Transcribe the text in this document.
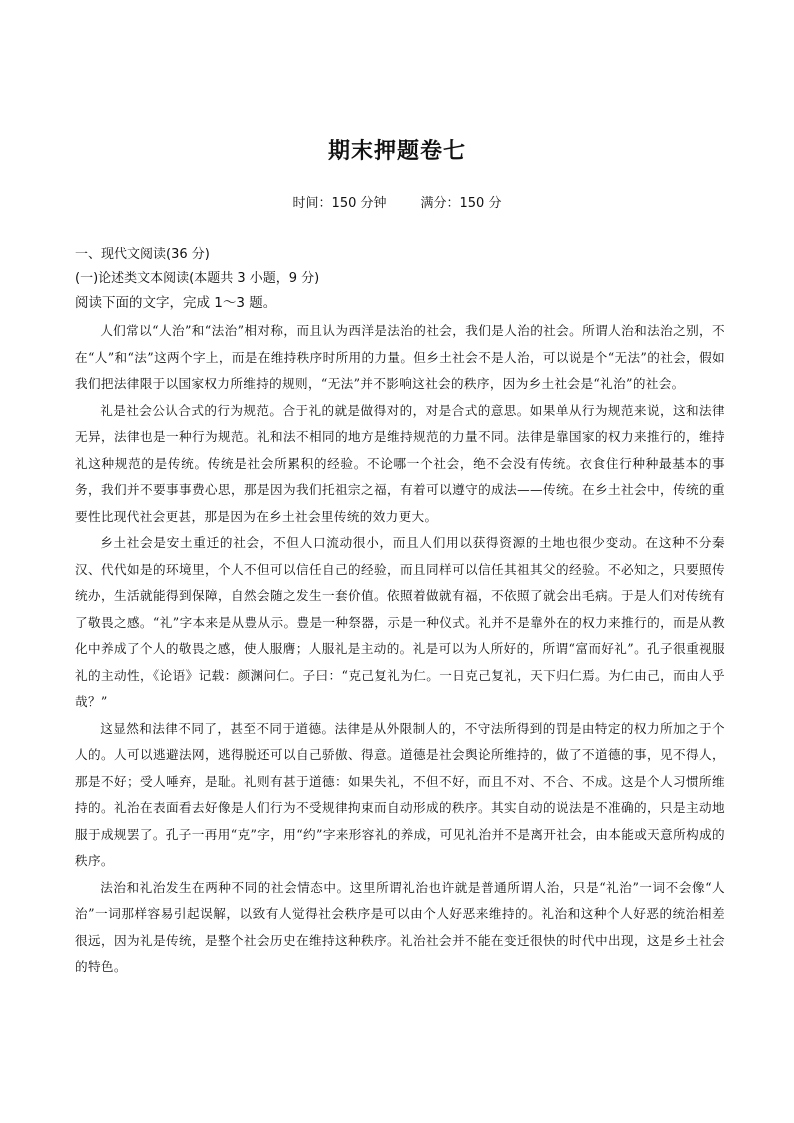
期末押题卷七
时间：150 分钟	满分：150 分

一、现代文阅读(36 分)

(一)论述类文本阅读(本题共 3 小题，9 分)

阅读下面的文字，完成 1～3 题。

人们常以“人治”和“法治”相对称，而且认为西洋是法治的社会，我们是人治的社会。所谓人治和法治之别，不在“人”和“法”这两个字上，而是在维持秩序时所用的力量。但乡土社会不是人治，可以说是个“无法”的社会，假如我们把法律限于以国家权力所维持的规则，“无法”并不影响这社会的秩序，因为乡土社会是“礼治”的社会。

礼是社会公认合式的行为规范。合于礼的就是做得对的，对是合式的意思。如果单从行为规范来说，这和法律无异，法律也是一种行为规范。礼和法不相同的地方是维持规范的力量不同。法律是靠国家的权力来推行的，维持礼这种规范的是传统。传统是社会所累积的经验。不论哪一个社会，绝不会没有传统。衣食住行种种最基本的事务，我们并不要事事费心思，那是因为我们托祖宗之福，有着可以遵守的成法——传统。在乡土社会中，传统的重要性比现代社会更甚，那是因为在乡土社会里传统的效力更大。

乡土社会是安土重迁的社会，不但人口流动很小，而且人们用以获得资源的土地也很少变动。在这种不分秦汉、代代如是的环境里，个人不但可以信任自己的经验，而且同样可以信任其祖其父的经验。不必知之，只要照传统办，生活就能得到保障，自然会随之发生一套价值。依照着做就有福，不依照了就会出毛病。于是人们对传统有了敬畏之感。“礼”字本来是从豊从示。豊是一种祭器，示是一种仪式。礼并不是靠外在的权力来推行的，而是从教化中养成了个人的敬畏之感，使人服膺；人服礼是主动的。礼是可以为人所好的，所谓“富而好礼”。孔子很重视服礼的主动性，《论语》记载：颜渊问仁。子曰：“克己复礼为仁。一日克己复礼，天下归仁焉。为仁由己，而由人乎哉？”

这显然和法律不同了，甚至不同于道德。法律是从外限制人的，不守法所得到的罚是由特定的权力所加之于个人的。人可以逃避法网，逃得脱还可以自己骄傲、得意。道德是社会舆论所维持的，做了不道德的事，见不得人，那是不好；受人唾弃，是耻。礼则有甚于道德：如果失礼，不但不好，而且不对、不合、不成。这是个人习惯所维持的。礼治在表面看去好像是人们行为不受规律拘束而自动形成的秩序。其实自动的说法是不准确的，只是主动地服于成规罢了。孔子一再用“克”字，用“约”字来形容礼的养成，可见礼治并不是离开社会，由本能或天意所构成的秩序。

法治和礼治发生在两种不同的社会情态中。这里所谓礼治也许就是普通所谓人治，只是“礼治”一词不会像“人治”一词那样容易引起误解，以致有人觉得社会秩序是可以由个人好恶来维持的。礼治和这种个人好恶的统治相差很远，因为礼是传统，是整个社会历史在维持这种秩序。礼治社会并不能在变迁很快的时代中出现，这是乡土社会的特色。
